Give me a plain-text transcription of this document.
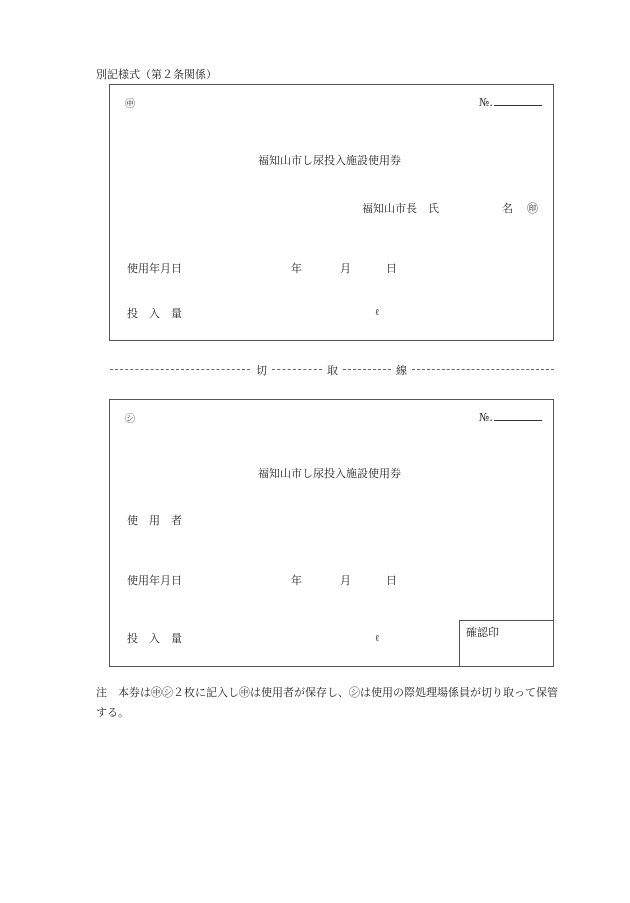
別記様式（第２条関係）
㊥	№.
福知山市し尿投入施設使用券
福知山市長　氏	名 ㊞
使用年月日	年	月	日
投　入　量	ℓ
切	取	線
㋛	№.
福知山市し尿投入施設使用券
使　用　者
使用年月日	年	月	日
投　入　量	ℓ	確認印
注　本券は㊥㋛２枚に記入し㊥は使用者が保存し、㋛は使用の際処理場係員が切り取って保管する。
